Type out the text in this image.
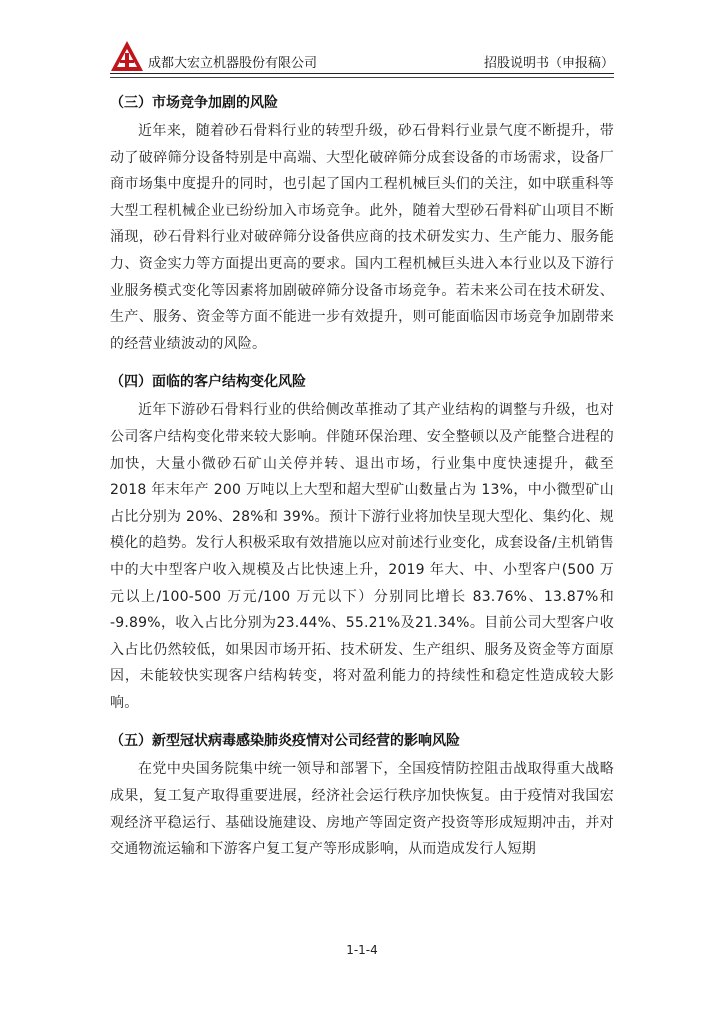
成都大宏立机器股份有限公司	招股说明书（申报稿）
（三）市场竞争加剧的风险

近年来，随着砂石骨料行业的转型升级，砂石骨料行业景气度不断提升，带动了破碎筛分设备特别是中高端、大型化破碎筛分成套设备的市场需求，设备厂商市场集中度提升的同时，也引起了国内工程机械巨头们的关注，如中联重科等大型工程机械企业已纷纷加入市场竞争。此外，随着大型砂石骨料矿山项目不断涌现，砂石骨料行业对破碎筛分设备供应商的技术研发实力、生产能力、服务能力、资金实力等方面提出更高的要求。国内工程机械巨头进入本行业以及下游行业服务模式变化等因素将加剧破碎筛分设备市场竞争。若未来公司在技术研发、生产、服务、资金等方面不能进一步有效提升，则可能面临因市场竞争加剧带来的经营业绩波动的风险。

（四）面临的客户结构变化风险

近年下游砂石骨料行业的供给侧改革推动了其产业结构的调整与升级，也对公司客户结构变化带来较大影响。伴随环保治理、安全整顿以及产能整合进程的加快，大量小微砂石矿山关停并转、退出市场，行业集中度快速提升，截至 2018 年末年产 200 万吨以上大型和超大型矿山数量占为 13%，中小微型矿山占比分别为 20%、28%和 39%。预计下游行业将加快呈现大型化、集约化、规模化的趋势。发行人积极采取有效措施以应对前述行业变化，成套设备/主机销售中的大中型客户收入规模及占比快速上升，2019 年大、中、小型客户(500 万元以上/100-500 万元/100 万元以下）分别同比增长 83.76%、13.87%和 -9.89%，收入占比分别为23.44%、55.21%及21.34%。目前公司大型客户收入占比仍然较低，如果因市场开拓、技术研发、生产组织、服务及资金等方面原因，未能较快实现客户结构转变，将对盈利能力的持续性和稳定性造成较大影响。

（五）新型冠状病毒感染肺炎疫情对公司经营的影响风险

在党中央国务院集中统一领导和部署下，全国疫情防控阻击战取得重大战略成果，复工复产取得重要进展，经济社会运行秩序加快恢复。由于疫情对我国宏观经济平稳运行、基础设施建设、房地产等固定资产投资等形成短期冲击，并对交通物流运输和下游客户复工复产等形成影响，从而造成发行人短期

1-1-4
